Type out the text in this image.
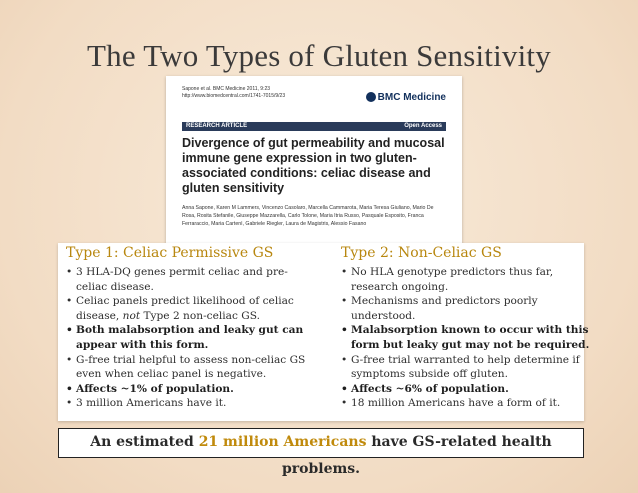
The Two Types of Gluten Sensitivity
Sapone et al. BMC Medicine 2011, 9:23
http://www.biomedcentral.com/1741-7015/9/23	BMC Medicine
RESEARCH ARTICLE	Open Access
Divergence of gut permeability and mucosal immune gene expression in two gluten-associated conditions: celiac disease and gluten sensitivity
Anna Sapone, Karen M Lammers, Vincenzo Casolaro, Marcella Cammarota, Maria Teresa Giuliano, Mario De Rosa, Rosita Stefanile, Giuseppe Mazzarella, Carlo Tolone, Maria Itria Russo, Pasquale Esposito, Franca Ferraraccio, Maria Cartenì, Gabriele Riegler, Laura de Magistris, Alessio Fasano
Type 1: Celiac Permissive GS
• 3 HLA-DQ genes permit celiac and pre-celiac disease.
• Celiac panels predict likelihood of celiac disease, not Type 2 non-celiac GS.
• Both malabsorption and leaky gut can appear with this form.
• G-free trial helpful to assess non-celiac GS even when celiac panel is negative.
• Affects ~1% of population.
• 3 million Americans have it.
Type 2: Non-Celiac GS
• No HLA genotype predictors thus far, research ongoing.
• Mechanisms and predictors poorly understood.
• Malabsorption known to occur with this form but leaky gut may not be required.
• G-free trial warranted to help determine if symptoms subside off gluten.
• Affects ~6% of population.
• 18 million Americans have a form of it.
An estimated 21 million Americans have GS-related health problems.
